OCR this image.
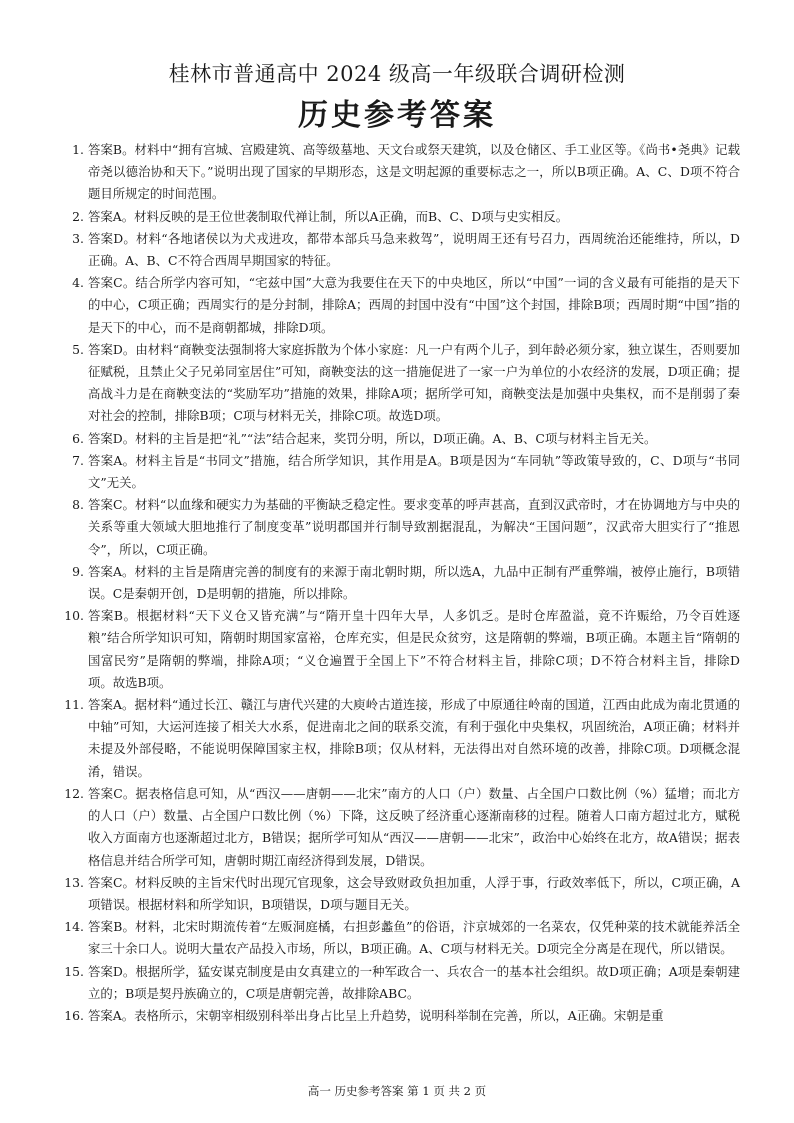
桂林市普通高中 2024 级高一年级联合调研检测
历史参考答案
1. 答案B。材料中“拥有宫城、宫殿建筑、高等级墓地、天文台或祭天建筑，以及仓储区、手工业区等。《尚书•尧典》记载帝尧以德治协和天下。”说明出现了国家的早期形态，这是文明起源的重要标志之一，所以B项正确。A、C、D项不符合题目所规定的时间范围。
2. 答案A。材料反映的是王位世袭制取代禅让制，所以A正确，而B、C、D项与史实相反。
3. 答案D。材料“各地诸侯以为犬戎进攻，都带本部兵马急来救驾”，说明周王还有号召力，西周统治还能维持，所以，D正确。A、B、C不符合西周早期国家的特征。
4. 答案C。结合所学内容可知，“宅兹中国”大意为我要住在天下的中央地区，所以“中国”一词的含义最有可能指的是天下的中心，C项正确；西周实行的是分封制，排除A；西周的封国中没有“中国”这个封国，排除B项；西周时期“中国”指的是天下的中心，而不是商朝都城，排除D项。
5. 答案D。由材料“商鞅变法强制将大家庭拆散为个体小家庭：凡一户有两个儿子，到年龄必须分家，独立谋生，否则要加征赋税，且禁止父子兄弟同室居住”可知，商鞅变法的这一措施促进了一家一户为单位的小农经济的发展，D项正确；提高战斗力是在商鞅变法的“奖励军功”措施的效果，排除A项；据所学可知，商鞅变法是加强中央集权，而不是削弱了秦对社会的控制，排除B项；C项与材料无关，排除C项。故选D项。
6. 答案D。材料的主旨是把“礼”“法”结合起来，奖罚分明，所以，D项正确。A、B、C项与材料主旨无关。
7. 答案A。材料主旨是“书同文”措施，结合所学知识，其作用是A。B项是因为“车同轨”等政策导致的，C、D项与“书同文”无关。
8. 答案C。材料“以血缘和硬实力为基础的平衡缺乏稳定性。要求变革的呼声甚高，直到汉武帝时，才在协调地方与中央的关系等重大领域大胆地推行了制度变革”说明郡国并行制导致割据混乱，为解决“王国问题”，汉武帝大胆实行了“推恩令”，所以，C项正确。
9. 答案A。材料的主旨是隋唐完善的制度有的来源于南北朝时期，所以选A，九品中正制有严重弊端，被停止施行，B项错误。C是秦朝开创，D是明朝的措施，所以排除。
10. 答案B。根据材料“天下义仓又皆充满”与“隋开皇十四年大旱，人多饥乏。是时仓库盈溢，竟不许赈给，乃令百姓逐粮”结合所学知识可知，隋朝时期国家富裕，仓库充实，但是民众贫穷，这是隋朝的弊端，B项正确。本题主旨“隋朝的国富民穷”是隋朝的弊端，排除A项；“义仓遍置于全国上下”不符合材料主旨，排除C项；D不符合材料主旨，排除D项。故选B项。
11. 答案A。据材料“通过长江、赣江与唐代兴建的大庾岭古道连接，形成了中原通往岭南的国道，江西由此成为南北贯通的中轴”可知，大运河连接了相关大水系，促进南北之间的联系交流，有利于强化中央集权，巩固统治，A项正确；材料并未提及外部侵略，不能说明保障国家主权，排除B项；仅从材料，无法得出对自然环境的改善，排除C项。D项概念混淆，错误。
12. 答案C。据表格信息可知，从“西汉——唐朝——北宋”南方的人口（户）数量、占全国户口数比例（%）猛增；而北方的人口（户）数量、占全国户口数比例（%）下降，这反映了经济重心逐渐南移的过程。随着人口南方超过北方，赋税收入方面南方也逐渐超过北方，B错误；据所学可知从“西汉——唐朝——北宋”，政治中心始终在北方，故A错误；据表格信息并结合所学可知，唐朝时期江南经济得到发展，D错误。
13. 答案C。材料反映的主旨宋代时出现冗官现象，这会导致财政负担加重，人浮于事，行政效率低下，所以，C项正确，A项错误。根据材料和所学知识，B项错误，D项与题目无关。
14. 答案B。材料，北宋时期流传着“左贩洞庭橘，右担彭蠡鱼”的俗语，汴京城郊的一名菜农，仅凭种菜的技术就能养活全家三十余口人。说明大量农产品投入市场，所以，B项正确。A、C项与材料无关。D项完全分离是在现代，所以错误。
15. 答案D。根据所学，猛安谋克制度是由女真建立的一种军政合一、兵农合一的基本社会组织。故D项正确；A项是秦朝建立的；B项是契丹族确立的，C项是唐朝完善，故排除ABC。
16. 答案A。表格所示，宋朝宰相级别科举出身占比呈上升趋势，说明科举制在完善，所以，A正确。宋朝是重
高一 历史参考答案 第 1 页 共 2 页
